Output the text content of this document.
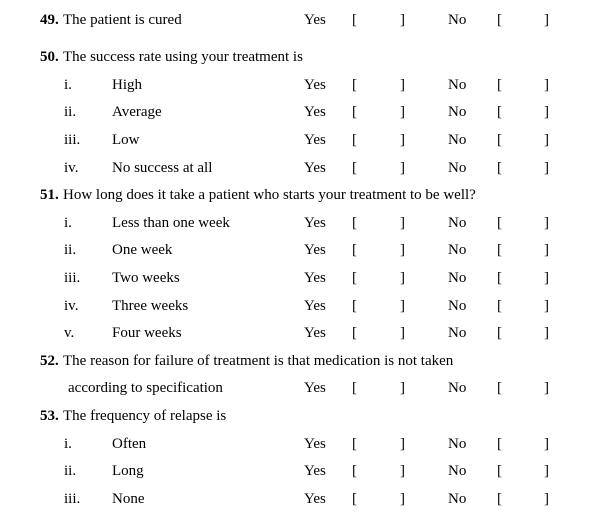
49. The patient is cured	Yes [	]	No [	]
50. The success rate using your treatment is
i.	High	Yes [	]	No [	]
ii. Average	Yes [	]	No [	]
iii. Low	Yes [	]	No [	]
iv. No success at all	Yes [	]	No [	]
51. How long does it take a patient who starts your treatment to be well?
i.	Less than one week	Yes [	]	No [	]
ii. One week	Yes [	]	No [	]
iii. Two weeks	Yes [	]	No [	]
iv. Three weeks	Yes [	]	No [	]
v.	Four weeks	Yes [	]	No [	]
52. The reason for failure of treatment is that medication is not taken
according to specification	Yes [	]	No [	]
53. The frequency of relapse is
i.	Often	Yes [	]	No [	]
ii. Long	Yes [	]	No [	]
iii. None	Yes [	]	No [	]
